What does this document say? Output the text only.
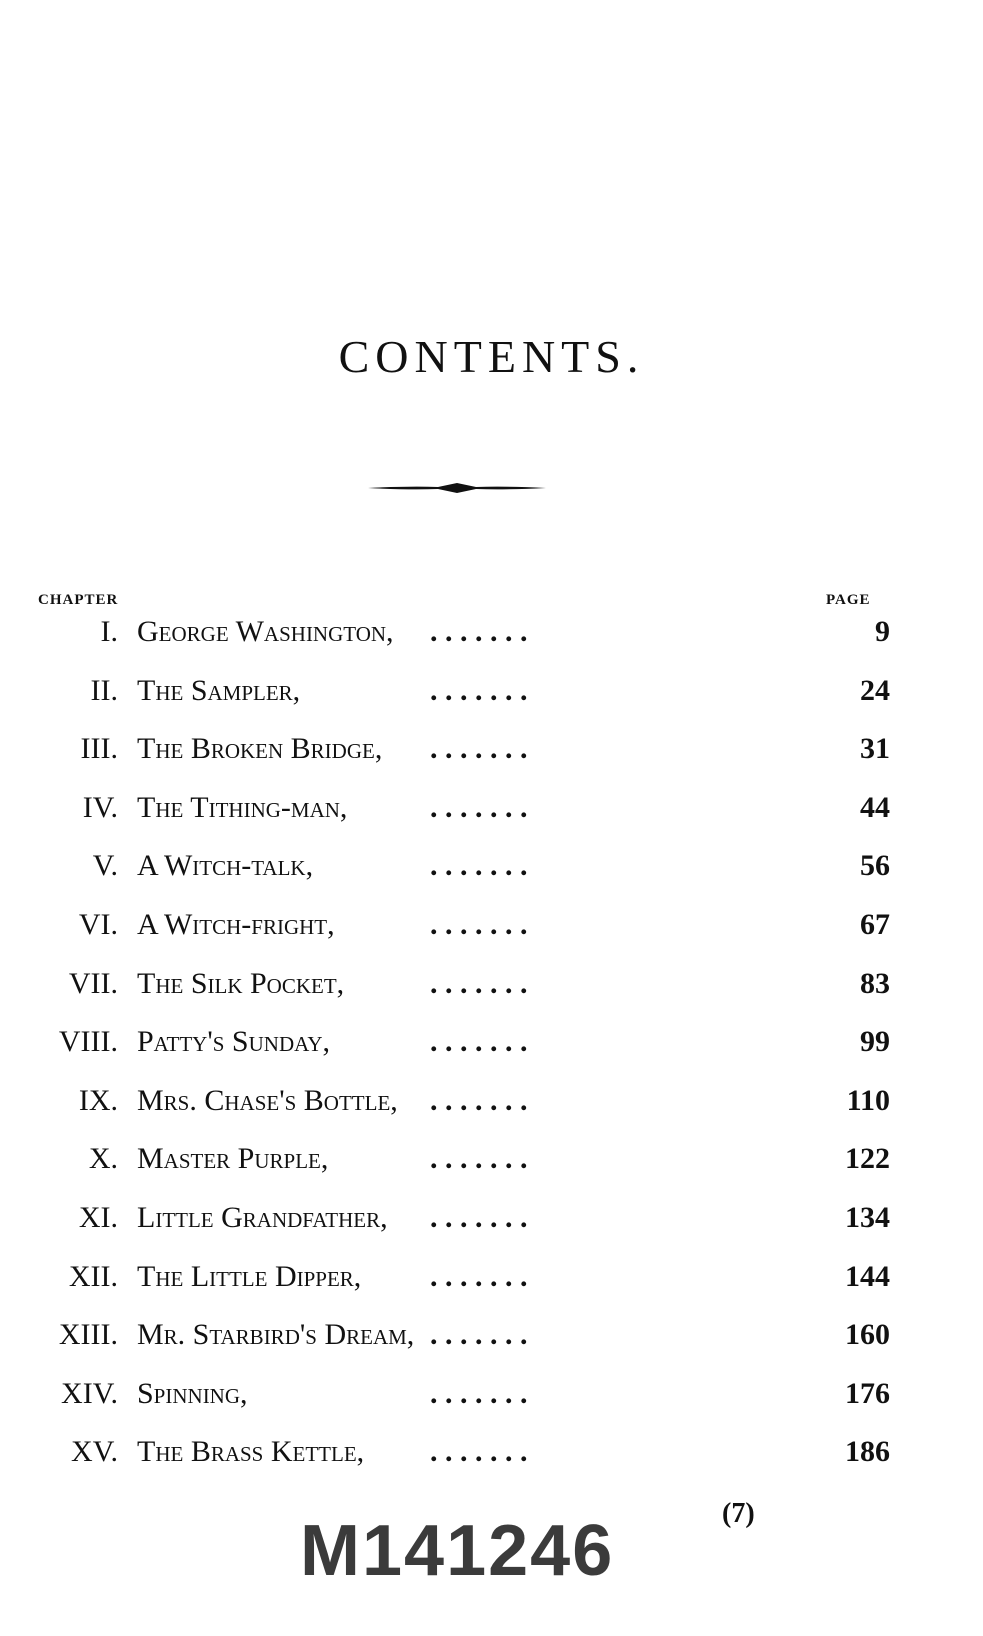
CONTENTS.
CHAPTER	PAGE
I. George Washington, . . . . . . .	9
II. The Sampler,	. . . . . . .	24
III. The Broken Bridge, . . . . . . .	31
IV. The Tithing-man,	. . . . . . .	44
V. A Witch-talk,	. . . . . . .	56
VI. A Witch-fright,	. . . . . . .	67
VII. The Silk Pocket,	. . . . . . .	83
VIII. Patty's Sunday,	. . . . . . .	99
IX. Mrs. Chase's Bottle, . . . . . . .	110
X. Master Purple,	. . . . . . .	122
XI. Little Grandfather, . . . . . . .	134
XII. The Little Dipper, . . . . . . .	144
XIII. Mr. Starbird's Dream, . . . . . . .	160
XIV. Spinning,	. . . . . . .	176
XV. The Brass Kettle, . . . . . . .	186
(7)
M141246
